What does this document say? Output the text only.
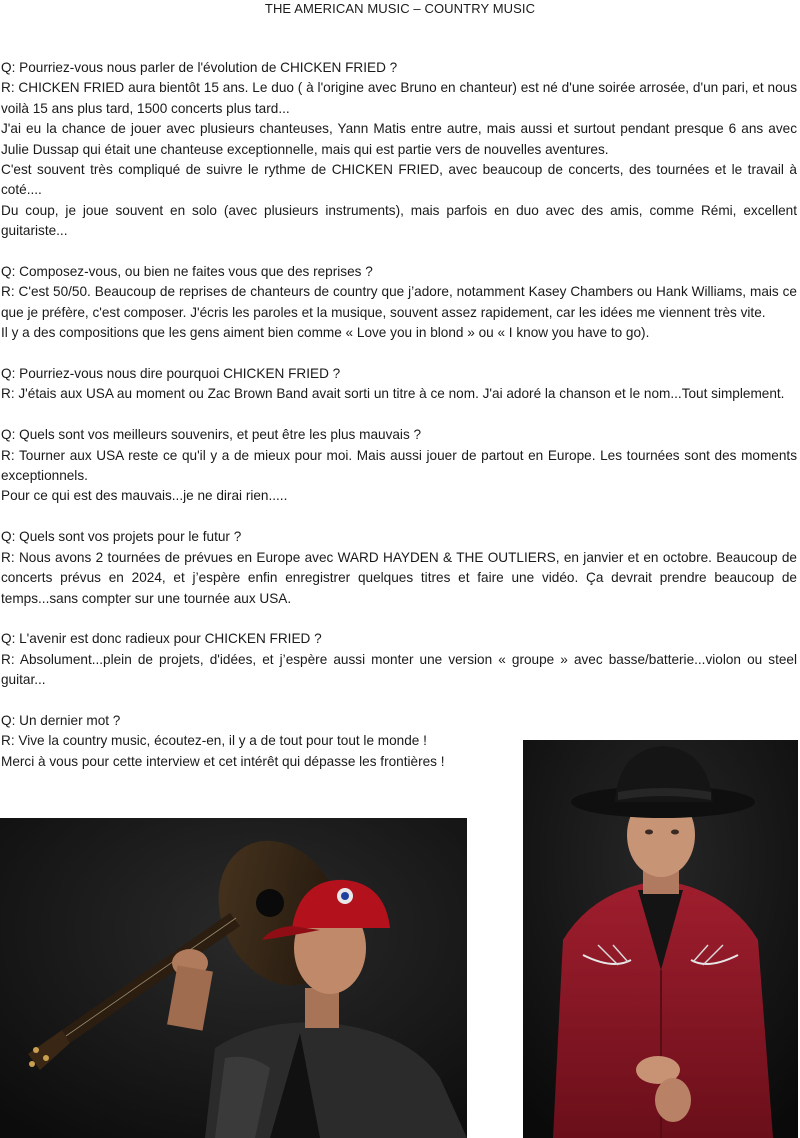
THE AMERICAN MUSIC – COUNTRY MUSIC

Q: Pourriez-vous nous parler de l'évolution de CHICKEN FRIED ?

R: CHICKEN FRIED aura bientôt 15 ans. Le duo ( à l'origine avec Bruno en chanteur) est né d'une soirée arrosée, d'un pari, et nous voilà 15 ans plus tard, 1500 concerts plus tard...

J'ai eu la chance de jouer avec plusieurs chanteuses, Yann Matis entre autre, mais aussi et surtout pendant presque 6 ans avec Julie Dussap qui était une chanteuse exceptionnelle, mais qui est partie vers de nouvelles aventures.

C'est souvent très compliqué de suivre le rythme de CHICKEN FRIED, avec beaucoup de concerts, des tournées et le travail à coté....

Du coup, je joue souvent en solo (avec plusieurs instruments), mais parfois en duo avec des amis, comme Rémi, excellent guitariste...

Q: Composez-vous, ou bien ne faites vous que des reprises ?

R: C'est 50/50. Beaucoup de reprises de chanteurs de country que j’adore, notamment Kasey Chambers ou Hank Williams, mais ce que je préfère, c'est composer. J'écris les paroles et la musique, souvent assez rapidement, car les idées me viennent très vite.

Il y a des compositions que les gens aiment bien comme « Love you in blond » ou « I know you have to go).

Q: Pourriez-vous nous dire pourquoi CHICKEN FRIED ?

R: J'étais aux USA au moment ou Zac Brown Band avait sorti un titre à ce nom. J'ai adoré la chanson et le nom...Tout simplement.

Q: Quels sont vos meilleurs souvenirs, et peut être les plus mauvais ?

R: Tourner aux USA reste ce qu'il y a de mieux pour moi. Mais aussi jouer de partout en Europe. Les tournées sont des moments exceptionnels.

Pour ce qui est des mauvais...je ne dirai rien.....

Q: Quels sont vos projets pour le futur ?

R: Nous avons 2 tournées de prévues en Europe avec WARD HAYDEN & THE OUTLIERS, en janvier et en octobre. Beaucoup de concerts prévus en 2024, et j’espère enfin enregistrer quelques titres et faire une vidéo. Ça devrait prendre beaucoup de temps...sans compter sur une tournée aux USA.

Q: L'avenir est donc radieux pour CHICKEN FRIED ?

R: Absolument...plein de projets, d'idées, et j’espère aussi monter une version « groupe » avec basse/batterie...violon ou steel guitar...

Q: Un dernier mot ?

R: Vive la country music, écoutez-en, il y a de tout pour tout le monde !

Merci à vous pour cette interview et cet intérêt qui dépasse les frontières !
